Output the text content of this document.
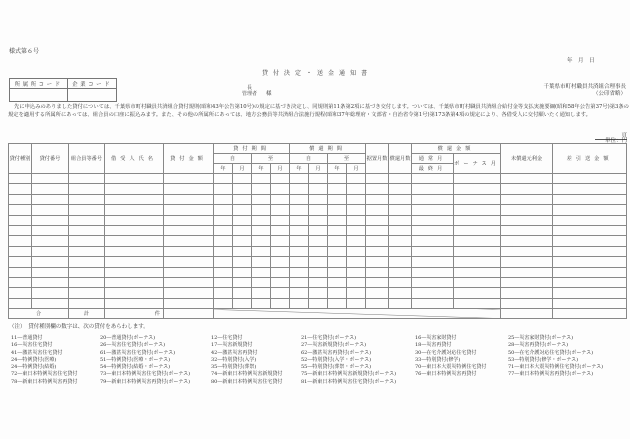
様式第６号
年　月　日
所属所コード	企業コード

貸付決定・送金通知書
長
管理者 様
千葉県市町村職員共済組合理事長
（公印省略）
先に申込みのありました貸付については、千葉県市町村職員共済組合貸付規則(昭和43年公告第10号)の規定に基づき決定し、同規則第11条第2項に基づき交付します。ついては、千葉県市町村職員共済組合給付金等支払実施要綱(昭和58年公告第37号)第3条の規定を適用する所属所にあっては、組合員の口座に振込みます。また、その他の所属所にあっては、地方公務員等共済組合法施行規程(昭和37年総理府・文部省・自治省令第1号)第173条第4項の規定により、各借受人に交付願いたく通知します。
頁
単位：円
貸付種別	貸付番号	組合員等番号	借受人氏名	貸付金額	貸付期間				償還期間				据置月数	償還月数	償還金額		未償還元利金	差引送金額
					自		至		自		至				通常月	ボーナス月		
					年	月	年	月	年	月	年	月			最終月			

合		計	件															
（注）　貸付種別欄の数字は、次の貸付をあらわします。
11―普通貸付
16―災害住宅貸付
41―激甚災害住宅貸付
24―特例貸付(医療)
24―特例貸付(結婚)
72―東日本特例災害住宅貸付
78―新東日本特例災害再貸付
20―普通貸付(ボーナス)
26―災害住宅貸付(ボーナス)
61―激甚災害住宅貸付(ボーナス)
51―特例貸付(医療・ボーナス)
54―特例貸付(結婚・ボーナス)
73―東日本特例災害住宅貸付(ボーナス)
79―新東日本特例災害再貸付(ボーナス)
12―住宅貸付
17―災害新規貸付
42―激甚災害再貸付
32―特別貸付(入学)
35―特別貸付(葬祭)
74―新東日本特例災害新規貸付
80―新東日本特例災害住宅貸付
21―住宅貸付(ボーナス)
27―災害新規貸付(ボーナス)
62―激甚災害再貸付(ボーナス)
52―特別貸付(入学・ボーナス)
55―特別貸付(葬祭・ボーナス)
75―新東日本特例災害新規貸付(ボーナス)
81―新東日本特例災害住宅貸付(ボーナス)
16―災害家財貸付
18―災害再貸付
30―在宅介護対応住宅貸付
33―特別貸付(修学)
70―東日本大震災特例住宅貸付
76―東日本特例災害再貸付
25―災害家財貸付(ボーナス)
28―災害再貸付(ボーナス)
50―在宅介護対応住宅貸付(ボーナス)
53―特別貸付(修学・ボーナス)
71―東日本大震災特例住宅貸付(ボーナス)
77―東日本特例災害再貸付(ボーナス)
